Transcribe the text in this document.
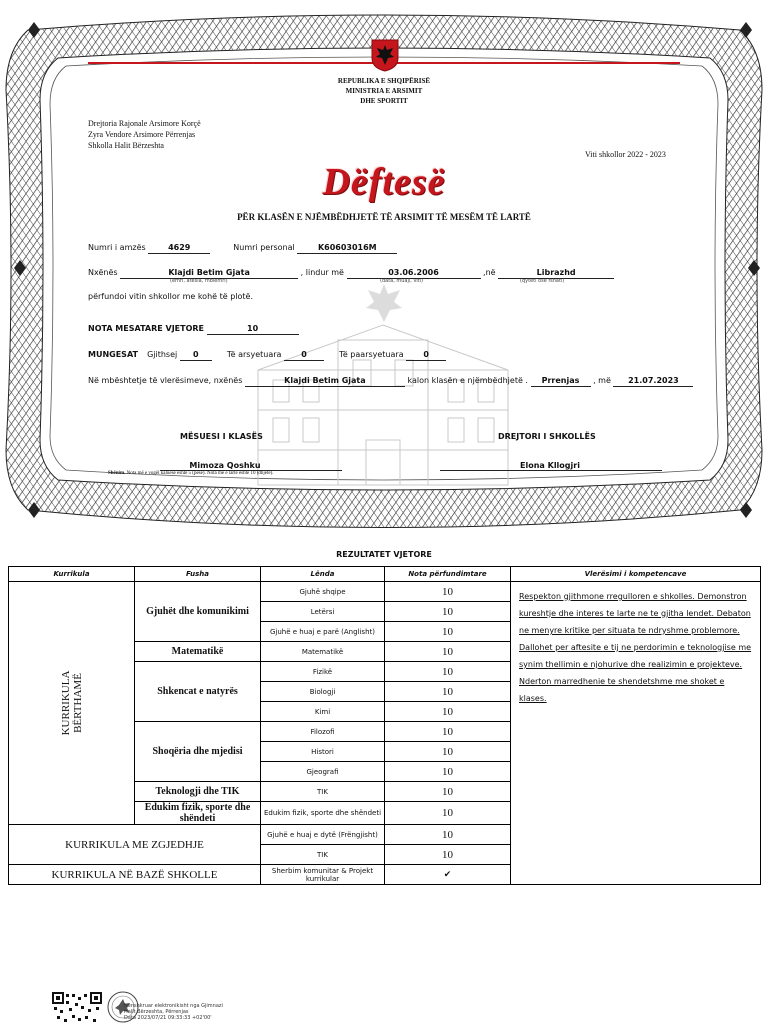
REPUBLIKA E SHQIPËRISË
MINISTRIA E ARSIMIT
DHE SPORTIT
Drejtoria Rajonale Arsimore Korçë
Zyra Vendore Arsimore Përrenjas
Shkolla Halit Bërzeshta
Viti shkollor 2022 - 2023
Dëftesë
PËR KLASËN E NJËMBËDHJETË TË ARSIMIT TË MESËM TË LARTË
Numri i amzës	4629	Numri personal	K60603016M
Nxënës	Klajdi Betim Gjata	, lindur më	03.06.2006	,në	Librazhd
(emri, atësia, mbiemri)	(data, muaji, viti)	(qyteti ose fshati)
përfundoi vitin shkollor me kohë të plotë.
NOTA MESATARE VJETORE	10
MUNGESAT Gjithsej 0	Të arsyetuara 0	Të paarsyetuara 0
Në mbështetje të vlerësimeve, nxënës	Klajdi Betim Gjata	kalon klasën e njëmbëdhjetë . Prrenjas , më 21.07.2023
MËSUESI I KLASËS	DREJTORI I SHKOLLËS
Mimoza Qoshku	Elona Kllogjri
Shënim. Nota më e vogël kaluese është 5 (pesë). Nota më e lartë është 10 (dhjetë).
REZULTATET VJETORE
Kurrikula	Fusha	Lënda	Nota përfundimtare	Vlerësimi i kompetencave

KURRIKULA BËRTHAMË	Gjuhët dhe komunikimi	Gjuhë shqipe	10	Respekton gjithmone rregulloren e shkolles. Demonstron kureshtje dhe interes te larte ne te gjitha lendet. Debaton ne menyre kritike per situata te ndryshme problemore. Dallohet per aftesite e tij ne perdorimin e teknologjise me synim thellimin e njohurive dhe realizimin e projekteve. Nderton marredhenie te shendetshme me shoket e klases.

		Letërsi	10	
		Gjuhë e huaj e parë (Anglisht)	10	
	Matematikë	Matematikë	10	
	Shkencat e natyrës	Fizikë	10	
		Biologji	10	
		Kimi	10	
	Shoqëria dhe mjedisi	Filozofi	10	
		Histori	10	
		Gjeografi	10	
	Teknologji dhe TIK	TIK	10	
	Edukim fizik, sporte dhe shëndeti	Edukim fizik, sporte dhe shëndeti	10	
KURRIKULA ME ZGJEDHJE		Gjuhë e huaj e dytë (Frëngjisht)	10	
		TIK	10	
KURRIKULA NË BAZË SHKOLLE		Sherbim komunitar & Projekt kurrikular	✔	
Nënshkruar elektronikisht nga Gjimnazi
Halit Bërzeshta, Përrenjas
Data 2023/07/21 09:33:33 +02'00'
